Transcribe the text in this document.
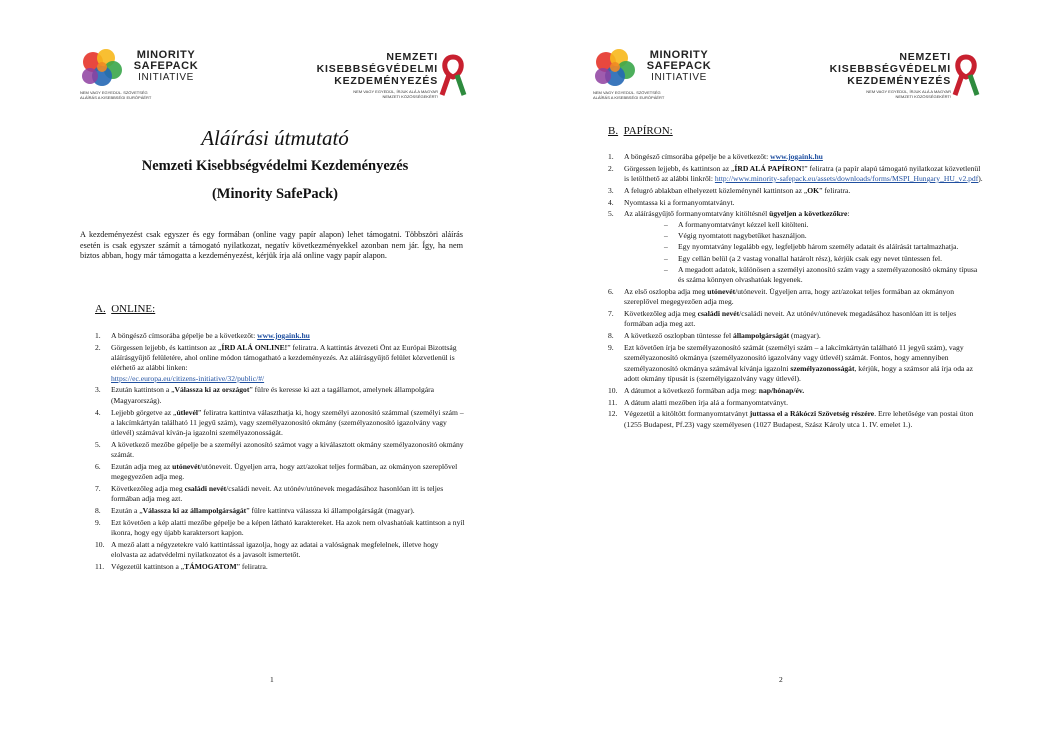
MINORITY
SAFEPACK
INITIATIVE
NEM VAGY EGYEDÜL. SZÖVETSÉG
ALÁÍRÁS A KISEBBSÉGI EURÓPÁÉRT
NEMZETI
KISEBBSÉGVÉDELMI
KEZDEMÉNYEZÉS
NEM VAGY EGYEDÜL, ÍRJUK ALÁ A MAGYAR
NEMZETI KÖZÖSSÉGEKÉRT!
Aláírási útmutató
Nemzeti Kisebbségvédelmi Kezdeményezés
(Minority SafePack)
A kezdeményezést csak egyszer és egy formában (online vagy papír alapon) lehet támogatni. Többszöri aláírás esetén is csak egyszer számít a támogató nyilatkozat, negatív következményekkel azonban nem jár. Így, ha nem biztos abban, hogy már támogatta a kezdeményezést, kérjük írja alá online vagy papír alapon.
A. ONLINE:
1. A böngésző címsorába gépelje be a következőt: www.jogaink.hu
2. Görgessen lejjebb, és kattintson az „ÍRD ALÁ ONLINE!” feliratra. A kattintás átvezeti Önt az Európai Bizottság aláírásgyűjtő felületére, ahol online módon támogatható a kezdeményezés. Az aláírásgyűjtő felület közvetlenül is elérhető az alábbi linken:
https://ec.europa.eu/citizens-initiative/32/public/#/
3. Ezután kattintson a „Válassza ki az országot” fülre és keresse ki azt a tagállamot, amelynek állampolgára (Magyarország).
4. Lejjebb görgetve az „útlevél” feliratra kattintva választhatja ki, hogy személyi azonosító számmal (személyi szám – a lakcímkártyán található 11 jegyű szám), vagy személyazonosító okmány (személyazonosító igazolvány vagy útlevél) számával kíván-ja igazolni személyazonosságát.
5. A következő mezőbe gépelje be a személyi azonosító számot vagy a kiválasztott okmány személyazonosító okmány számát.
6. Ezután adja meg az utónevét/utóneveit. Ügyeljen arra, hogy azt/azokat teljes formában, az okmányon szereplővel megegyezően adja meg.
7. Következőleg adja meg családi nevét/családi neveit. Az utónév/utónevek megadásához hasonlóan itt is teljes formában adja meg azt.
8. Ezután a „Válassza ki az állampolgárságát” fülre kattintva válassza ki állampolgárságát (magyar).
9. Ezt követően a kép alatti mezőbe gépelje be a képen látható karaktereket. Ha azok nem olvashatóak kattintson a nyíl ikonra, hogy egy újabb karaktersort kapjon.
10. A mező alatt a négyzetekre való kattintással igazolja, hogy az adatai a valóságnak megfelelnek, illetve hogy elolvasta az adatvédelmi nyilatkozatot és a javasolt ismertetőt.
11. Végezetül kattintson a „TÁMOGATOM” feliratra.
1
MINORITY
SAFEPACK
INITIATIVE
NEM VAGY EGYEDÜL. SZÖVETSÉG
ALÁÍRÁS A KISEBBSÉGI EURÓPÁÉRT
NEMZETI
KISEBBSÉGVÉDELMI
KEZDEMÉNYEZÉS
NEM VAGY EGYEDÜL, ÍRJUK ALÁ A MAGYAR
NEMZETI KÖZÖSSÉGEKÉRT!
B. PAPÍRON:
1. A böngésző címsorába gépelje be a következőt: www.jogaink.hu
2. Görgessen lejjebb, és kattintson az „ÍRD ALÁ PAPÍRON!” feliratra (a papír alapú támogató nyilatkozat közvetlenül is letölthető az alábbi linkről: http://www.minority-safepack.eu/assets/downloads/forms/MSPI_Hungary_HU_v2.pdf).
3. A felugró ablakban elhelyezett közleménynél kattintson az „OK” feliratra.
4. Nyomtassa ki a formanyomtatványt.
5. Az aláírásgyűjtő formanyomtatvány kitöltésnél ügyeljen a következőkre:
– A formanyomtatványt kézzel kell kitölteni.
– Végig nyomtatott nagybetűket használjon.
– Egy nyomtatvány legalább egy, legfeljebb három személy adatait és aláírását tartalmazhatja.
– Egy cellán belül (a 2 vastag vonallal határolt rész), kérjük csak egy nevet tüntessen fel.
– A megadott adatok, különösen a személyi azonosító szám vagy a személyazonosító okmány típusa és száma könnyen olvashatóak legyenek.
6. Az első oszlopba adja meg utónevét/utóneveit. Ügyeljen arra, hogy azt/azokat teljes formában az okmányon szereplővel megegyezően adja meg.
7. Következőleg adja meg családi nevét/családi neveit. Az utónév/utónevek megadásához hasonlóan itt is teljes formában adja meg azt.
8. A következő oszlopban tüntesse fel állampolgárságát (magyar).
9. Ezt követően írja be személyazonosító számát (személyi szám – a lakcímkártyán található 11 jegyű szám), vagy személyazonosító okmánya (személyazonosító igazolvány vagy útlevél) számát. Fontos, hogy amennyiben személyazonosító okmánya számával kívánja igazolni személyazonosságát, kérjük, hogy a számsor alá írja oda az adott okmány típusát is (személyigazolvány vagy útlevél).
10. A dátumot a következő formában adja meg: nap/hónap/év.
11. A dátum alatti mezőben írja alá a formanyomtatványt.
12. Végezetül a kitöltött formanyomtatványt juttassa el a Rákóczi Szövetség részére. Erre lehetősége van postai úton (1255 Budapest, Pf.23) vagy személyesen (1027 Budapest, Szász Károly utca 1. IV. emelet 1.).
2
